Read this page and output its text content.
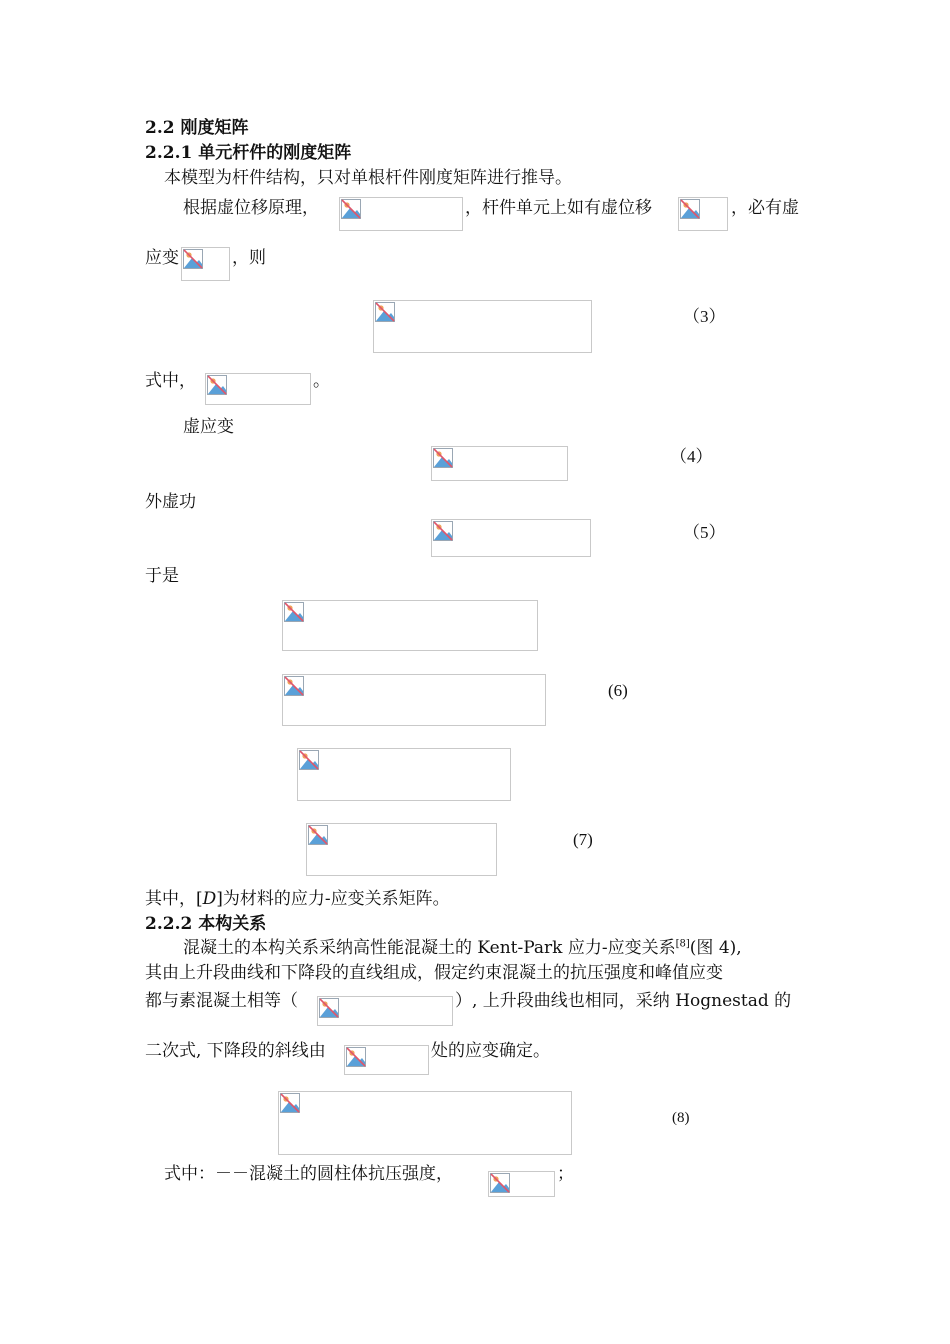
2.2 刚度矩阵
2.2.1 单元杆件的刚度矩阵
本模型为杆件结构，只对单根杆件刚度矩阵进行推导。
根据虚位移原理，	，杆件单元上如有虚位移	，必有虚
应变	，则
（3）
式中，	。
虚应变
（4）
外虚功
（5）
于是
(6)
(7)
其中，[D]为材料的应力-应变关系矩阵。
2.2.2 本构关系
混凝土的本构关系采纳高性能混凝土的 Kent-Park 应力-应变关系[8](图 4),
其由上升段曲线和下降段的直线组成，假定约束混凝土的抗压强度和峰值应变
都与素混凝土相等（	）, 上升段曲线也相同，采纳 Hognestad 的
二次式, 下降段的斜线由	处的应变确定。
(8)
式中：－－混凝土的圆柱体抗压强度，	；
